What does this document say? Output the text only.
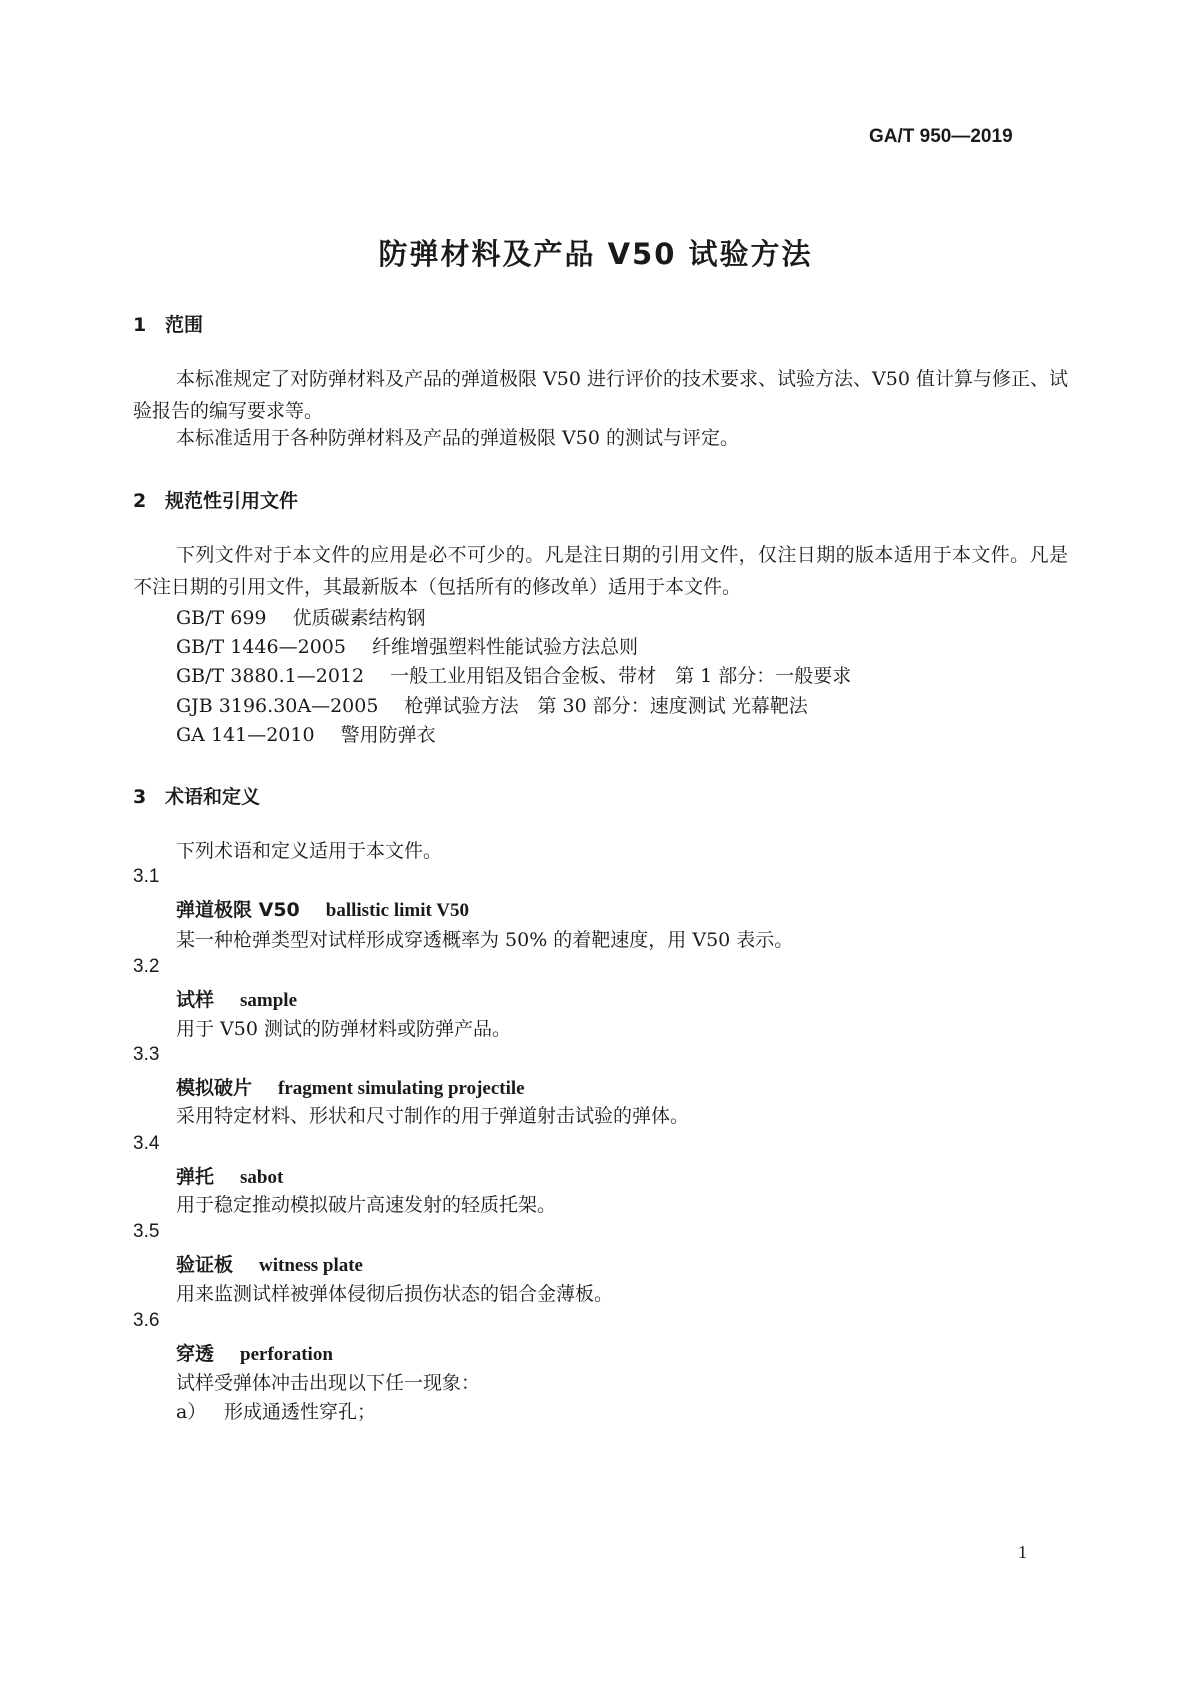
GA/T 950—2019
防弹材料及产品 V50 试验方法
1 范围
本标准规定了对防弹材料及产品的弹道极限 V50 进行评价的技术要求、试验方法、V50 值计算与修正、试验报告的编写要求等。
本标准适用于各种防弹材料及产品的弹道极限 V50 的测试与评定。
2 规范性引用文件
下列文件对于本文件的应用是必不可少的。凡是注日期的引用文件，仅注日期的版本适用于本文件。凡是不注日期的引用文件，其最新版本（包括所有的修改单）适用于本文件。
GB/T 699 优质碳素结构钢
GB/T 1446—2005 纤维增强塑料性能试验方法总则
GB/T 3880.1—2012 一般工业用铝及铝合金板、带材　第 1 部分：一般要求
GJB 3196.30A—2005 枪弹试验方法　第 30 部分：速度测试 光幕靶法
GA 141—2010 警用防弹衣
3 术语和定义
下列术语和定义适用于本文件。
3.1
弹道极限 V50 ballistic limit V50
某一种枪弹类型对试样形成穿透概率为 50% 的着靶速度，用 V50 表示。
3.2
试样 sample
用于 V50 测试的防弹材料或防弹产品。
3.3
模拟破片 fragment simulating projectile
采用特定材料、形状和尺寸制作的用于弹道射击试验的弹体。
3.4
弹托 sabot
用于稳定推动模拟破片高速发射的轻质托架。
3.5
验证板 witness plate
用来监测试样被弹体侵彻后损伤状态的铝合金薄板。
3.6
穿透 perforation
试样受弹体冲击出现以下任一现象：
a） 形成通透性穿孔；
1
